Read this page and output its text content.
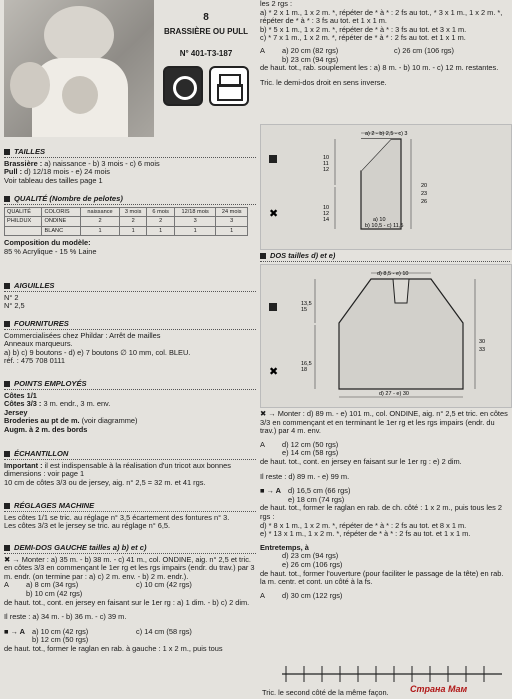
8
BRASSIÈRE OU PULL
N° 401-T3-187
TAILLES
Brassière : a) naissance - b) 3 mois - c) 6 mois
Pull : d) 12/18 mois - e) 24 mois
Voir tableau des tailles page 1
QUALITÉ (Nombre de pelotes)
QUALITÉ	COLORIS	naissance	3 mois	6 mois	12/18 mois	24 mois
PHILDUX	ONDINE	2	2	2	3	3
	BLANC	1	1	1	1	1
Composition du modèle:
85 % Acrylique - 15 % Laine
AIGUILLES
N° 2
N° 2,5
FOURNITURES
Commercialisées chez Phildar : Arrêt de mailles
Anneaux marqueurs.
a) b) c) 9 boutons - d) e) 7 boutons ∅ 10 mm, col. BLEU.
réf. : 475 708 0111
POINTS EMPLOYÉS
Côtes 1/1
Côtes 3/3 : 3 m. endr., 3 m. env.
Jersey
Broderies au pt de m. (voir diagramme)
Augm. à 2 m. des bords
ÉCHANTILLON
Important : il est indispensable à la réalisation d'un tricot aux bonnes dimensions : voir page 1
10 cm de côtes 3/3 ou de jersey, aig. n° 2,5 = 32 m. et 41 rgs.
RÉGLAGES MACHINE
Les côtes 1/1 se tric. au réglage n° 3,5 écartement des fontures n° 3.
Les côtes 3/3 et le jersey se tric. au réglage n° 6,5.
DEMI-DOS GAUCHE tailles a) b) et c)
✖ → Monter : a) 35 m. - b) 38 m. - c) 41 m., col. ONDINE, aig. n° 2,5 et tric. en côtes 3/3 en commençant le 1er rg et les rgs impairs (endr. du trav.) par 3 m. endr. (on termine par : a) c) 2 m. env. - b) 2 m. endr.).
A	a) 8 cm (34 rgs)	c) 10 cm (42 rgs)
b) 10 cm (42 rgs)
de haut. tot., cont. en jersey en faisant sur le 1er rg : a) 1 dim. - b) c) 2 dim.
Il reste : a) 34 m. - b) 36 m. - c) 39 m.
■ → A a) 10 cm (42 rgs)	c) 14 cm (58 rgs)
b) 12 cm (50 rgs)
de haut. tot., former le raglan en rab. à gauche : 1 x 2 m., puis tous
les 2 rgs :
a) * 2 x 1 m., 1 x 2 m. *, répéter de * à * : 2 fs au tot., * 3 x 1 m., 1 x 2 m. *, répéter de * à * : 3 fs au tot. et 1 x 1 m.
b) * 5 x 1 m., 1 x 2 m. *, répéter de * à * : 3 fs au tot. et 3 x 1 m.
c) * 7 x 1 m., 1 x 2 m. *, répéter de * à * : 2 fs au tot. et 1 x 1 m.
A	a) 20 cm (82 rgs)	c) 26 cm (106 rgs)
b) 23 cm (94 rgs)
de haut. tot., rab. souplement les : a) 8 m. - b) 10 m. - c) 12 m. restantes.
Tric. le demi-dos droit en sens inverse.
✖
a) 2 - b) 2,5 - c) 3
10
11
12
10
12
14
20
23
26
a) 10
b) 10,5 - c) 11,5
DOS tailles d) et e)
✖
d) 8,5 - e) 10
13,5
15
16,5
18
30
33
d) 27 - e) 30
✖ → Monter : d) 89 m. - e) 101 m., col. ONDINE, aig. n° 2,5 et tric. en côtes 3/3 en commençant et en terminant le 1er rg et les rgs impairs (endr. du trav.) par 4 m. env.
A	d) 12 cm (50 rgs)
e) 14 cm (58 rgs)
de haut. tot., cont. en jersey en faisant sur le 1er rg : e) 2 dim.
Il reste : d) 89 m. - e) 99 m.
■ → A d) 16,5 cm (66 rgs)
e) 18 cm (74 rgs)
de haut. tot., former le raglan en rab. de ch. côté : 1 x 2 m., puis tous les 2 rgs :
d) * 8 x 1 m., 1 x 2 m. *, répéter de * à * : 2 fs au tot. et 8 x 1 m.
e) * 13 x 1 m., 1 x 2 m. *, répéter de * à * : 2 fs au tot. et 1 x 1 m.
Entretemps, à
d) 23 cm (94 rgs)
e) 26 cm (106 rgs)
de haut. tot., former l'ouverture (pour faciliter le passage de la tête) en rab. la m. centr. et cont. un côté à la fs.
A	d) 30 cm (122 rgs)
Tric. le second côté de la même façon.	Страна Мам
